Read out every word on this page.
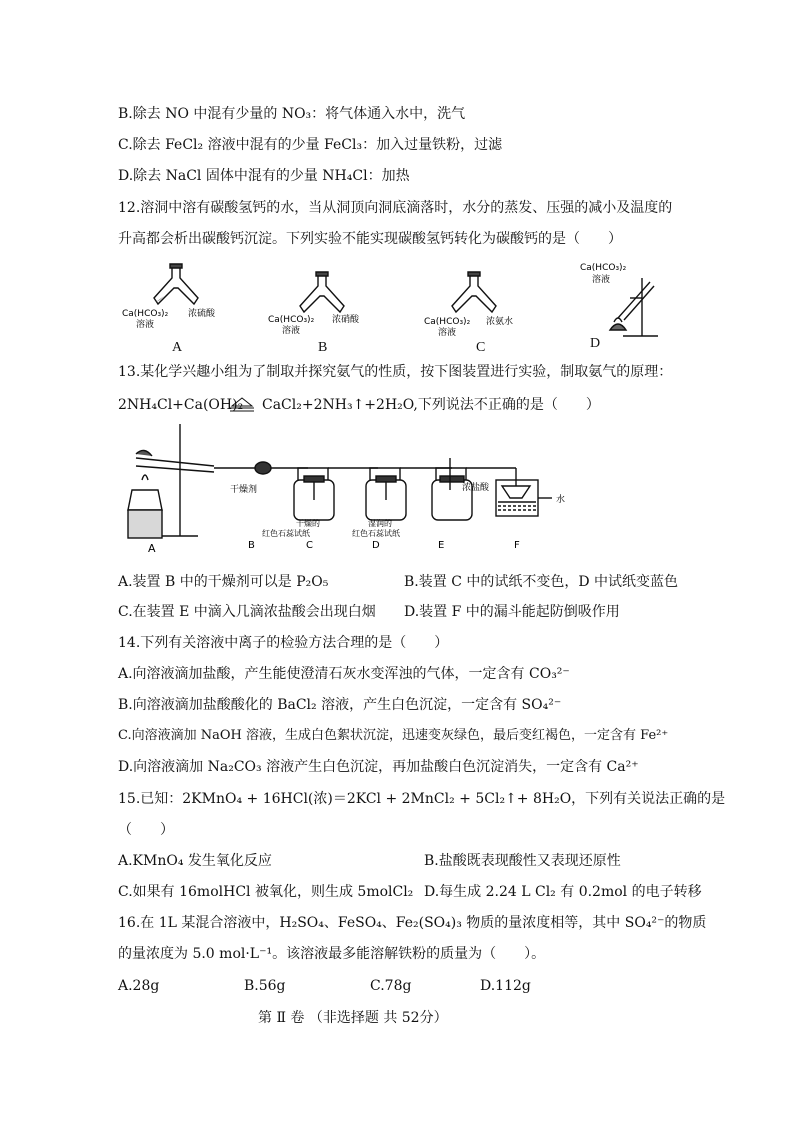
B.除去 NO 中混有少量的 NO₃：将气体通入水中，洗气
C.除去 FeCl₂ 溶液中混有的少量 FeCl₃：加入过量铁粉，过滤
D.除去 NaCl 固体中混有的少量 NH₄Cl：加热
12.溶洞中溶有碳酸氢钙的水，当从洞顶向洞底滴落时，水分的蒸发、压强的减小及温度的
升高都会析出碳酸钙沉淀。下列实验不能实现碳酸氢钙转化为碳酸钙的是（　　）
Ca(HCO₃)₂
溶液
浓硫酸
Ca(HCO₃)₂
溶液
浓硝酸	Ca(HCO₃)₂
溶液
浓氨水
Ca(HCO₃)₂
溶液
A	B	C	D
13.某化学兴趣小组为了制取并探究氨气的性质，按下图装置进行实验，制取氨气的原理：
2NH₄Cl+Ca(OH)₂ CaCl₂+2NH₃↑+2H₂O,下列说法不正确的是（　　）
干燥剂
干燥的
红色石蕊试纸
湿润的
红色石蕊试纸
浓盐酸
水
A	B	C	D	E	F
A.装置 B 中的干燥剂可以是 P₂O₅	B.装置 C 中的试纸不变色，D 中试纸变蓝色
C.在装置 E 中滴入几滴浓盐酸会出现白烟 D.装置 F 中的漏斗能起防倒吸作用
14.下列有关溶液中离子的检验方法合理的是（　　）
A.向溶液滴加盐酸，产生能使澄清石灰水变浑浊的气体，一定含有 CO₃²⁻
B.向溶液滴加盐酸酸化的 BaCl₂ 溶液，产生白色沉淀，一定含有 SO₄²⁻
C.向溶液滴加 NaOH 溶液，生成白色絮状沉淀，迅速变灰绿色，最后变红褐色，一定含有 Fe²⁺
D.向溶液滴加 Na₂CO₃ 溶液产生白色沉淀，再加盐酸白色沉淀消失，一定含有 Ca²⁺
15.已知：2KMnO₄ + 16HCl(浓)＝2KCl + 2MnCl₂ + 5Cl₂↑+ 8H₂O，下列有关说法正确的是
（　　）
A.KMnO₄ 发生氧化反应	B.盐酸既表现酸性又表现还原性
C.如果有 16molHCl 被氧化，则生成 5molCl₂ D.每生成 2.24 L Cl₂ 有 0.2mol 的电子转移
16.在 1L 某混合溶液中，H₂SO₄、FeSO₄、Fe₂(SO₄)₃ 物质的量浓度相等，其中 SO₄²⁻的物质
的量浓度为 5.0 mol·L⁻¹。该溶液最多能溶解铁粉的质量为（　　）。
A.28g	B.56g	C.78g	D.112g
第 Ⅱ 卷 （非选择题 共 52分）
